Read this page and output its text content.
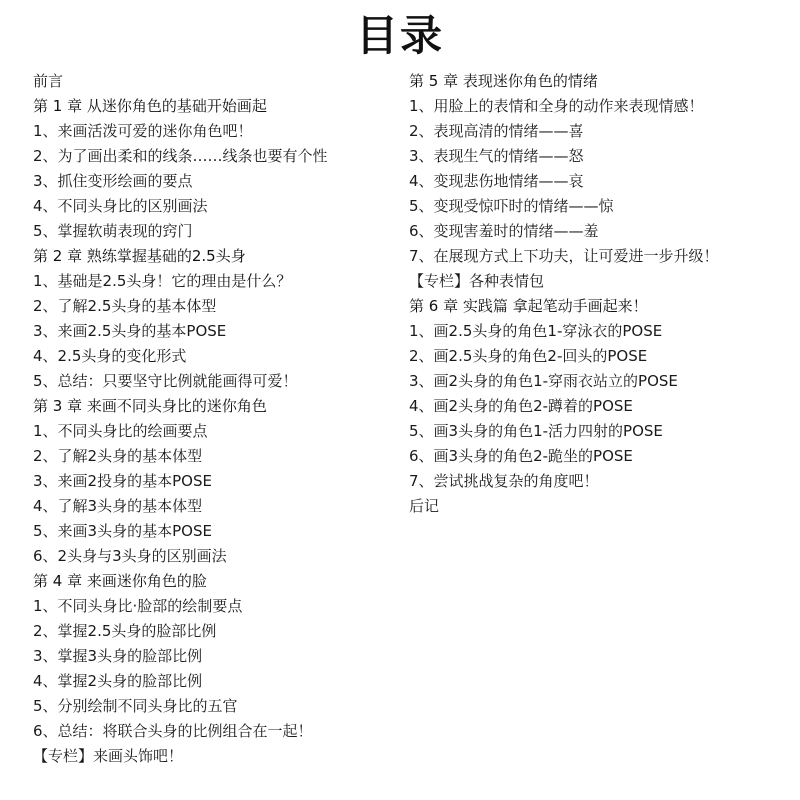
目录
前言
第 1 章 从迷你角色的基础开始画起
1、来画活泼可爱的迷你角色吧！
2、为了画出柔和的线条……线条也要有个性
3、抓住变形绘画的要点
4、不同头身比的区别画法
5、掌握软萌表现的窍门
第 2 章 熟练掌握基础的2.5头身
1、基础是2.5头身！它的理由是什么？
2、了解2.5头身的基本体型
3、来画2.5头身的基本POSE
4、2.5头身的变化形式
5、总结：只要坚守比例就能画得可爱！
第 3 章 来画不同头身比的迷你角色
1、不同头身比的绘画要点
2、了解2头身的基本体型
3、来画2投身的基本POSE
4、了解3头身的基本体型
5、来画3头身的基本POSE
6、2头身与3头身的区别画法
第 4 章 来画迷你角色的脸
1、不同头身比·脸部的绘制要点
2、掌握2.5头身的脸部比例
3、掌握3头身的脸部比例
4、掌握2头身的脸部比例
5、分别绘制不同头身比的五官
6、总结：将联合头身的比例组合在一起！
【专栏】来画头饰吧！
第 5 章 表现迷你角色的情绪
1、用脸上的表情和全身的动作来表现情感！
2、表现高清的情绪——喜
3、表现生气的情绪——怒
4、变现悲伤地情绪——哀
5、变现受惊吓时的情绪——惊
6、变现害羞时的情绪——羞
7、在展现方式上下功夫，让可爱进一步升级！
【专栏】各种表情包
第 6 章 实践篇 拿起笔动手画起来！
1、画2.5头身的角色1-穿泳衣的POSE
2、画2.5头身的角色2-回头的POSE
3、画2头身的角色1-穿雨衣站立的POSE
4、画2头身的角色2-蹲着的POSE
5、画3头身的角色1-活力四射的POSE
6、画3头身的角色2-跪坐的POSE
7、尝试挑战复杂的角度吧！
后记
